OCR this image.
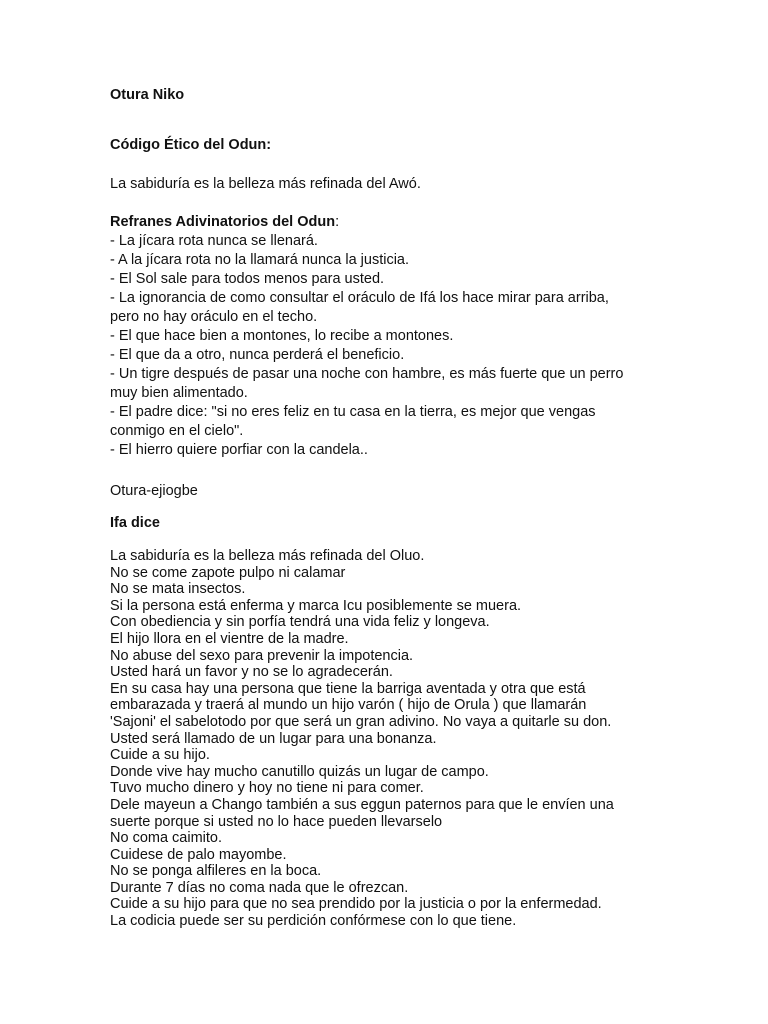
Otura Niko
Código Ético del Odun:
La sabiduría es la belleza más refinada del Awó.
Refranes Adivinatorios del Odun:
- La jícara rota nunca se llenará.
- A la jícara rota no la llamará nunca la justicia.
- El Sol sale para todos menos para usted.
- La ignorancia de como consultar el oráculo de Ifá los hace mirar para arriba,
pero no hay oráculo en el techo.
- El que hace bien a montones, lo recibe a montones.
- El que da a otro, nunca perderá el beneficio.
- Un tigre después de pasar una noche con hambre, es más fuerte que un perro
muy bien alimentado.
- El padre dice: "si no eres feliz en tu casa en la tierra, es mejor que vengas
conmigo en el cielo".
- El hierro quiere porfiar con la candela..
Otura-ejiogbe
Ifa dice
La sabiduría es la belleza más refinada del Oluo.
No se come zapote pulpo ni calamar
No se mata insectos.
Si la persona está enferma y marca Icu posiblemente se muera.
Con obediencia y sin porfía tendrá una vida feliz y longeva.
El hijo llora en el vientre de la madre.
No abuse del sexo para prevenir la impotencia.
Usted hará un favor y no se lo agradecerán.
En su casa hay una persona que tiene la barriga aventada y otra que está
embarazada y traerá al mundo un hijo varón ( hijo de Orula ) que llamarán
'Sajoni' el sabelotodo por que será un gran adivino. No vaya a quitarle su don.
Usted será llamado de un lugar para una bonanza.
Cuide a su hijo.
Donde vive hay mucho canutillo quizás un lugar de campo.
Tuvo mucho dinero y hoy no tiene ni para comer.
Dele mayeun a Chango también a sus eggun paternos para que le envíen una
suerte porque si usted no lo hace pueden llevarselo
No coma caimito.
Cuidese de palo mayombe.
No se ponga alfileres en la boca.
Durante 7 días no coma nada que le ofrezcan.
Cuide a su hijo para que no sea prendido por la justicia o por la enfermedad.
La codicia puede ser su perdición confórmese con lo que tiene.
